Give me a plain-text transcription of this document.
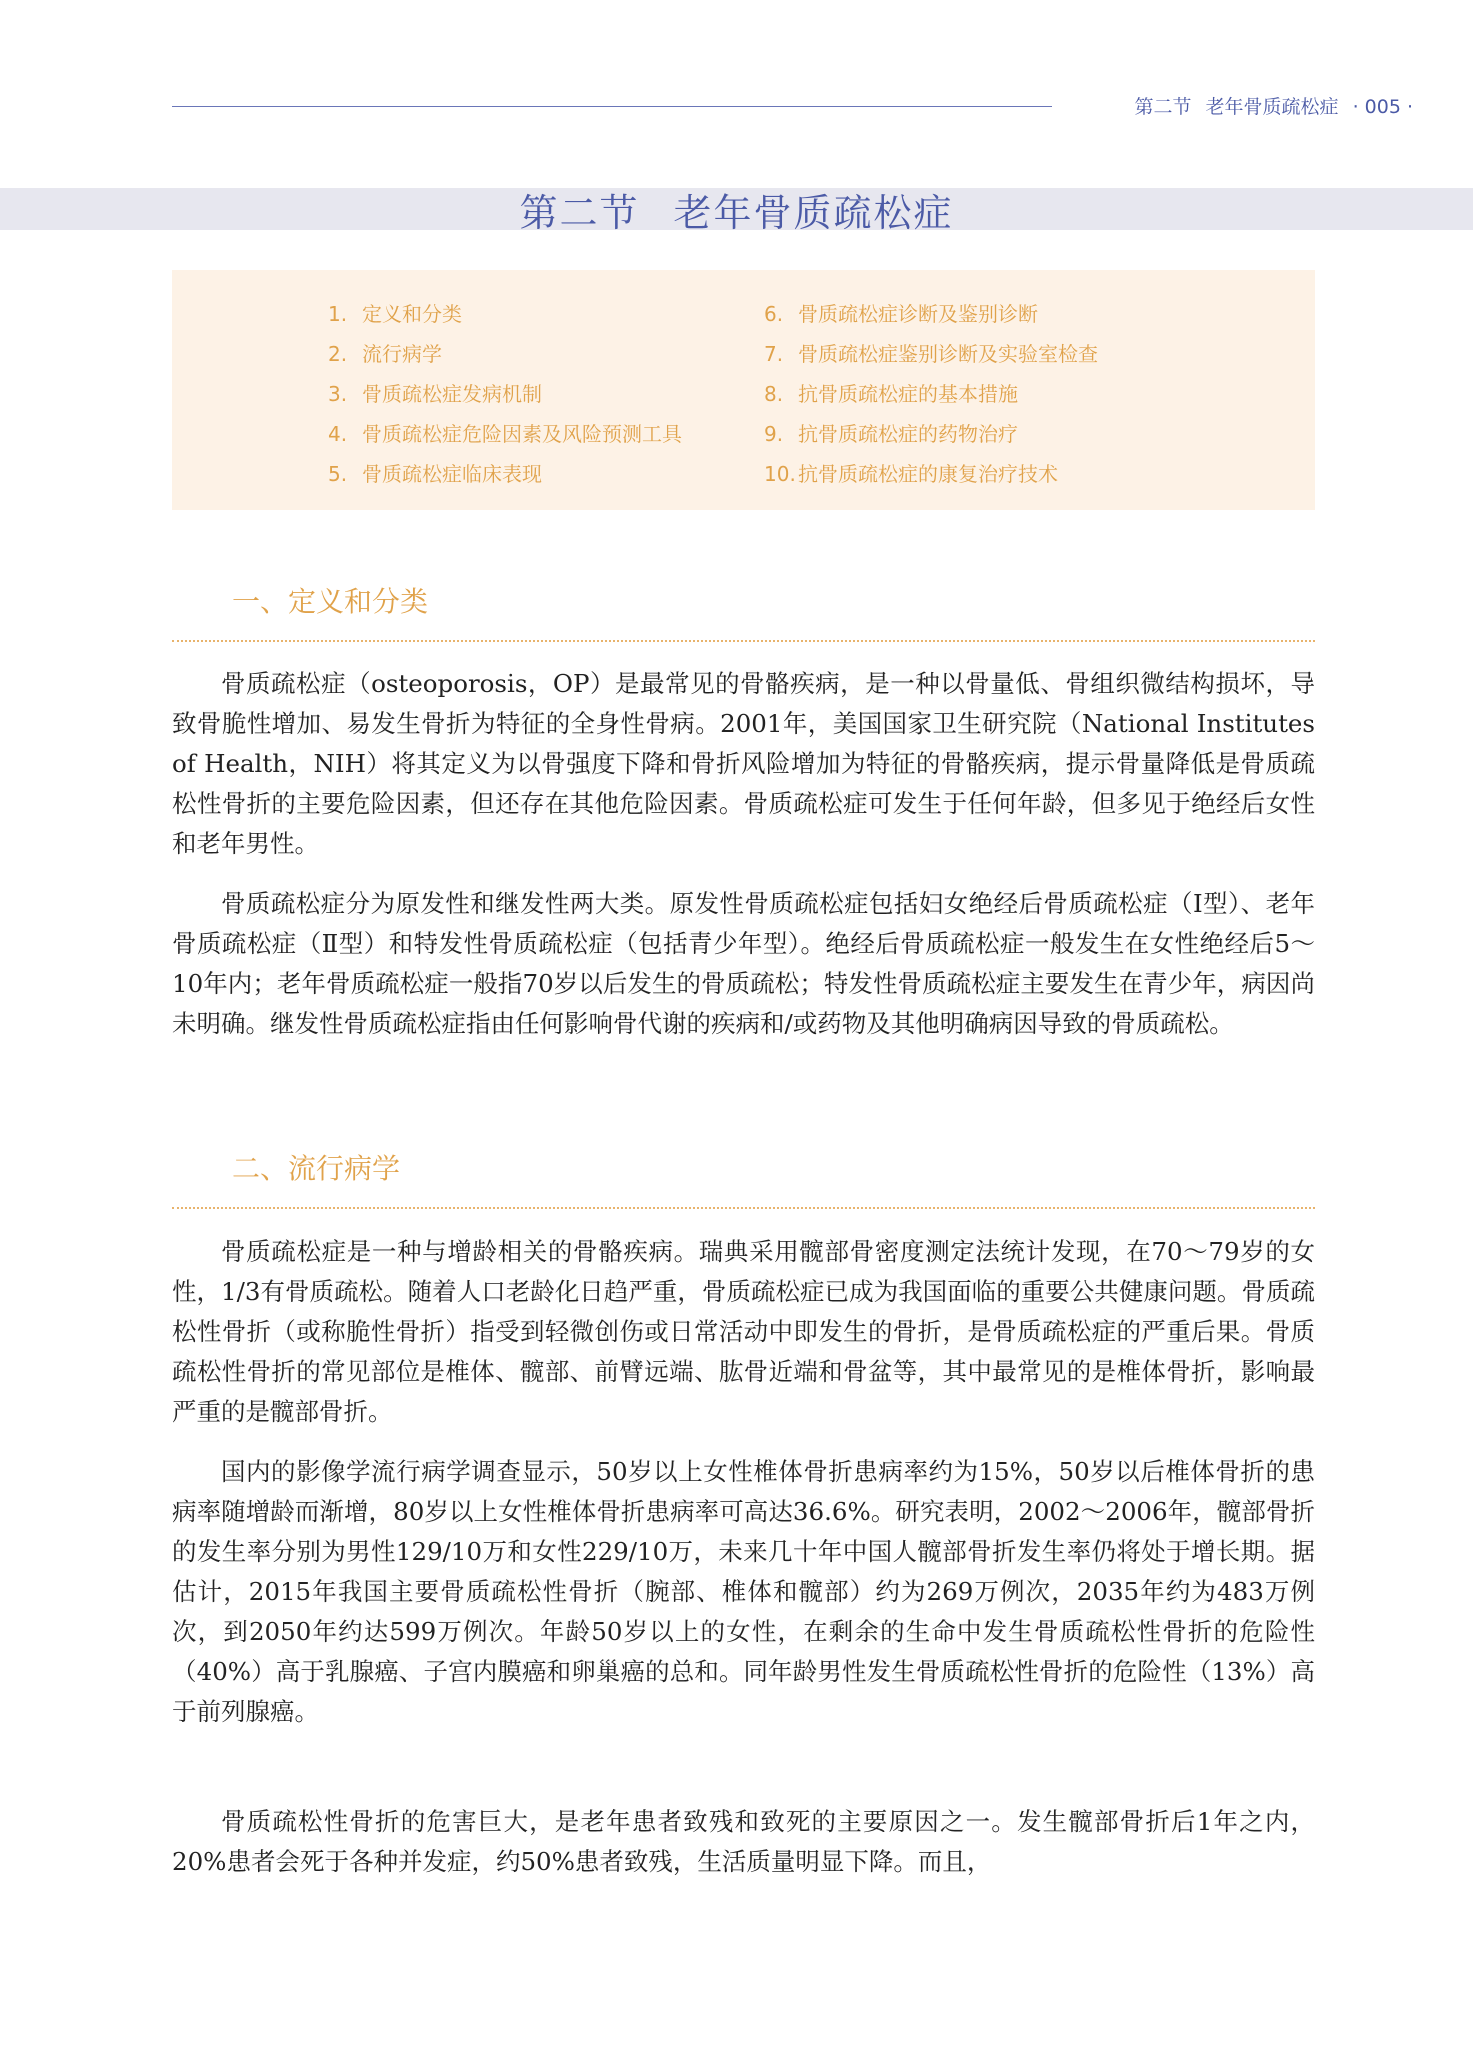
第二节 老年骨质疏松症 · 005 ·
第二节 老年骨质疏松症
1. 定义和分类
2. 流行病学
3. 骨质疏松症发病机制
4. 骨质疏松症危险因素及风险预测工具
5. 骨质疏松症临床表现
6. 骨质疏松症诊断及鉴别诊断
7. 骨质疏松症鉴别诊断及实验室检查
8. 抗骨质疏松症的基本措施
9. 抗骨质疏松症的药物治疗
10. 抗骨质疏松症的康复治疗技术
一、定义和分类

骨质疏松症（osteoporosis，OP）是最常见的骨骼疾病，是一种以骨量低、骨组织微结构损坏，导致骨脆性增加、易发生骨折为特征的全身性骨病。2001年，美国国家卫生研究院（National Institutes of Health，NIH）将其定义为以骨强度下降和骨折风险增加为特征的骨骼疾病，提示骨量降低是骨质疏松性骨折的主要危险因素，但还存在其他危险因素。骨质疏松症可发生于任何年龄，但多见于绝经后女性和老年男性。

骨质疏松症分为原发性和继发性两大类。原发性骨质疏松症包括妇女绝经后骨质疏松症（Ⅰ型）、老年骨质疏松症（Ⅱ型）和特发性骨质疏松症（包括青少年型）。绝经后骨质疏松症一般发生在女性绝经后5～10年内；老年骨质疏松症一般指70岁以后发生的骨质疏松；特发性骨质疏松症主要发生在青少年，病因尚未明确。继发性骨质疏松症指由任何影响骨代谢的疾病和/或药物及其他明确病因导致的骨质疏松。

二、流行病学

骨质疏松症是一种与增龄相关的骨骼疾病。瑞典采用髋部骨密度测定法统计发现，在70～79岁的女性，1/3有骨质疏松。随着人口老龄化日趋严重，骨质疏松症已成为我国面临的重要公共健康问题。骨质疏松性骨折（或称脆性骨折）指受到轻微创伤或日常活动中即发生的骨折，是骨质疏松症的严重后果。骨质疏松性骨折的常见部位是椎体、髋部、前臂远端、肱骨近端和骨盆等，其中最常见的是椎体骨折，影响最严重的是髋部骨折。

国内的影像学流行病学调查显示，50岁以上女性椎体骨折患病率约为15%，50岁以后椎体骨折的患病率随增龄而渐增，80岁以上女性椎体骨折患病率可高达36.6%。研究表明，2002～2006年，髋部骨折的发生率分别为男性129/10万和女性229/10万，未来几十年中国人髋部骨折发生率仍将处于增长期。据估计，2015年我国主要骨质疏松性骨折（腕部、椎体和髋部）约为269万例次，2035年约为483万例次，到2050年约达599万例次。年龄50岁以上的女性，在剩余的生命中发生骨质疏松性骨折的危险性（40%）高于乳腺癌、子宫内膜癌和卵巢癌的总和。同年龄男性发生骨质疏松性骨折的危险性（13%）高于前列腺癌。

骨质疏松性骨折的危害巨大，是老年患者致残和致死的主要原因之一。发生髋部骨折后1年之内，20%患者会死于各种并发症，约50%患者致残，生活质量明显下降。而且，
